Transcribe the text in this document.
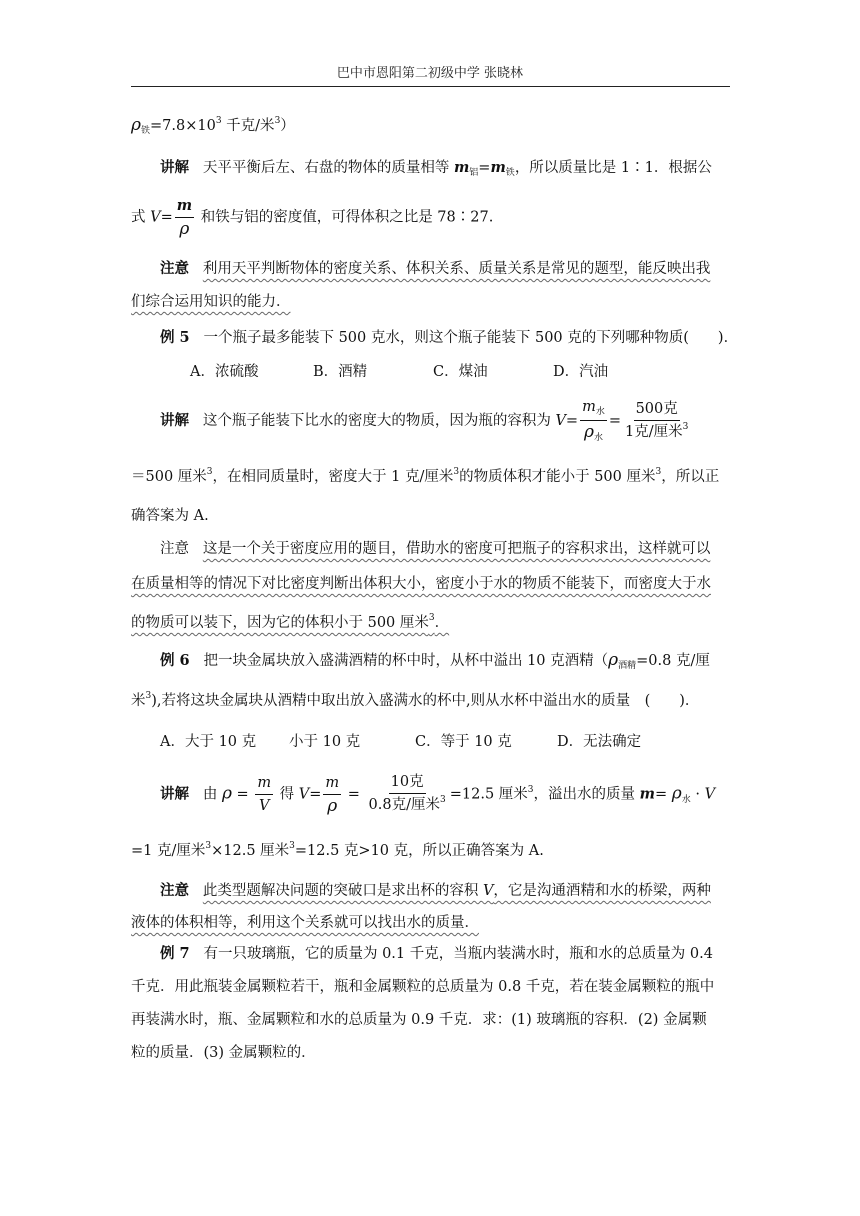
巴中市恩阳第二初级中学 张晓林
$\rho_铁=7.8\times 10^3$ 千克/米$^3$）
讲解 天平平衡后左、右盘的物体的质量相等 $m_铝=m_铁$，所以质量比是 1∶1．根据公
式 $V= \frac{m}{\rho}$ 和铁与铝的密度值，可得体积之比是 78∶27.
注意 利用天平判断物体的密度关系、体积关系、质量关系是常见的题型，能反映出我
们综合运用知识的能力．
例 5 一个瓶子最多能装下 500 克水，则这个瓶子能装下 500 克的下列哪种物质(　　)．
A．浓硫酸	B．酒精	C．煤油	D．汽油
讲解 这个瓶子能装下比水的密度大的物质，因为瓶的容积为 $V= \frac{m_水}{\rho_水} = \frac{\text{500克}}{1克/厘米^3}$
＝500 厘米$^3$，在相同质量时，密度大于 1 克/厘米$^3$的物质体积才能小于 500 厘米$^3$，所以正
确答案为 A.
注意 这是一个关于密度应用的题目，借助水的密度可把瓶子的容积求出，这样就可以
在质量相等的情况下对比密度判断出体积大小，密度小于水的物质不能装下，而密度大于水
的物质可以装下，因为它的体积小于 500 厘米$^3$．
例 6 把一块金属块放入盛满酒精的杯中时，从杯中溢出 10 克酒精（$\rho_{酒精}=0.8$ 克/厘
米$^3$),若将这块金属块从酒精中取出放入盛满水的杯中,则从水杯中溢出水的质量　(　　)．
A．大于 10 克 小于 10 克	C．等于 10 克	D．无法确定
讲解 由 $\rho = \frac{m}{V}$ 得 $V= \frac{m}{\rho} = \frac{\text{10克}}{0.8克/厘米^3} =12.5$ 厘米$^3$，溢出水的质量 $m= \rho_水 \cdot V$
=1 克/厘米$^3$×12.5 厘米$^3$=12.5 克>10 克，所以正确答案为 A.
注意 此类型题解决问题的突破口是求出杯的容积 V，它是沟通酒精和水的桥梁，两种
液体的体积相等，利用这个关系就可以找出水的质量．
例 7 有一只玻璃瓶，它的质量为 0.1 千克，当瓶内装满水时，瓶和水的总质量为 0.4
千克．用此瓶装金属颗粒若干，瓶和金属颗粒的总质量为 0.8 千克，若在装金属颗粒的瓶中
再装满水时，瓶、金属颗粒和水的总质量为 0.9 千克．求：(1) 玻璃瓶的容积．(2) 金属颗
粒的质量．(3) 金属颗粒的．
